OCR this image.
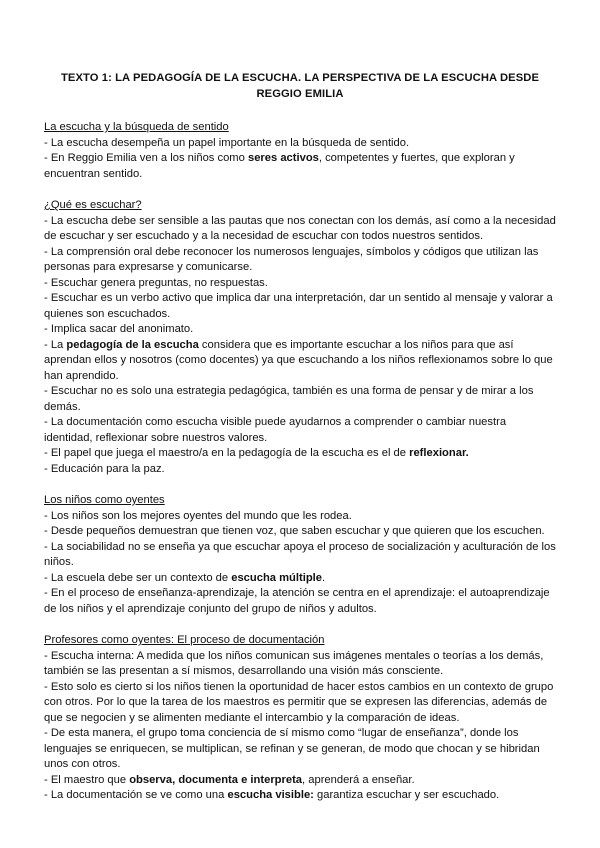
TEXTO 1: LA PEDAGOGÍA DE LA ESCUCHA. LA PERSPECTIVA DE LA ESCUCHA DESDE REGGIO EMILIA

La escucha y la búsqueda de sentido

- La escucha desempeña un papel importante en la búsqueda de sentido.

- En Reggio Emilia ven a los niños como seres activos, competentes y fuertes, que exploran y encuentran sentido.

¿Qué es escuchar?

- La escucha debe ser sensible a las pautas que nos conectan con los demás, así como a la necesidad de escuchar y ser escuchado y a la necesidad de escuchar con todos nuestros sentidos.

- La comprensión oral debe reconocer los numerosos lenguajes, símbolos y códigos que utilizan las personas para expresarse y comunicarse.

- Escuchar genera preguntas, no respuestas.

- Escuchar es un verbo activo que implica dar una interpretación, dar un sentido al mensaje y valorar a quienes son escuchados.

- Implica sacar del anonimato.

- La pedagogía de la escucha considera que es importante escuchar a los niños para que así aprendan ellos y nosotros (como docentes) ya que escuchando a los niños reflexionamos sobre lo que han aprendido.

- Escuchar no es solo una estrategia pedagógica, también es una forma de pensar y de mirar a los demás.

- La documentación como escucha visible puede ayudarnos a comprender o cambiar nuestra identidad, reflexionar sobre nuestros valores.

- El papel que juega el maestro/a en la pedagogía de la escucha es el de reflexionar.

- Educación para la paz.

Los niños como oyentes

- Los niños son los mejores oyentes del mundo que les rodea.

- Desde pequeños demuestran que tienen voz, que saben escuchar y que quieren que los escuchen.

- La sociabilidad no se enseña ya que escuchar apoya el proceso de socialización y aculturación de los niños.

- La escuela debe ser un contexto de escucha múltiple.

- En el proceso de enseñanza-aprendizaje, la atención se centra en el aprendizaje: el autoaprendizaje de los niños y el aprendizaje conjunto del grupo de niños y adultos.

Profesores como oyentes: El proceso de documentación

- Escucha interna: A medida que los niños comunican sus imágenes mentales o teorías a los demás, también se las presentan a sí mismos, desarrollando una visión más consciente.

- Esto solo es cierto si los niños tienen la oportunidad de hacer estos cambios en un contexto de grupo con otros. Por lo que la tarea de los maestros es permitir que se expresen las diferencias, además de que se negocien y se alimenten mediante el intercambio y la comparación de ideas.

- De esta manera, el grupo toma conciencia de sí mismo como “lugar de enseñanza”, donde los lenguajes se enriquecen, se multiplican, se refinan y se generan, de modo que chocan y se hibridan unos con otros.

- El maestro que observa, documenta e interpreta, aprenderá a enseñar.

- La documentación se ve como una escucha visible: garantiza escuchar y ser escuchado.
